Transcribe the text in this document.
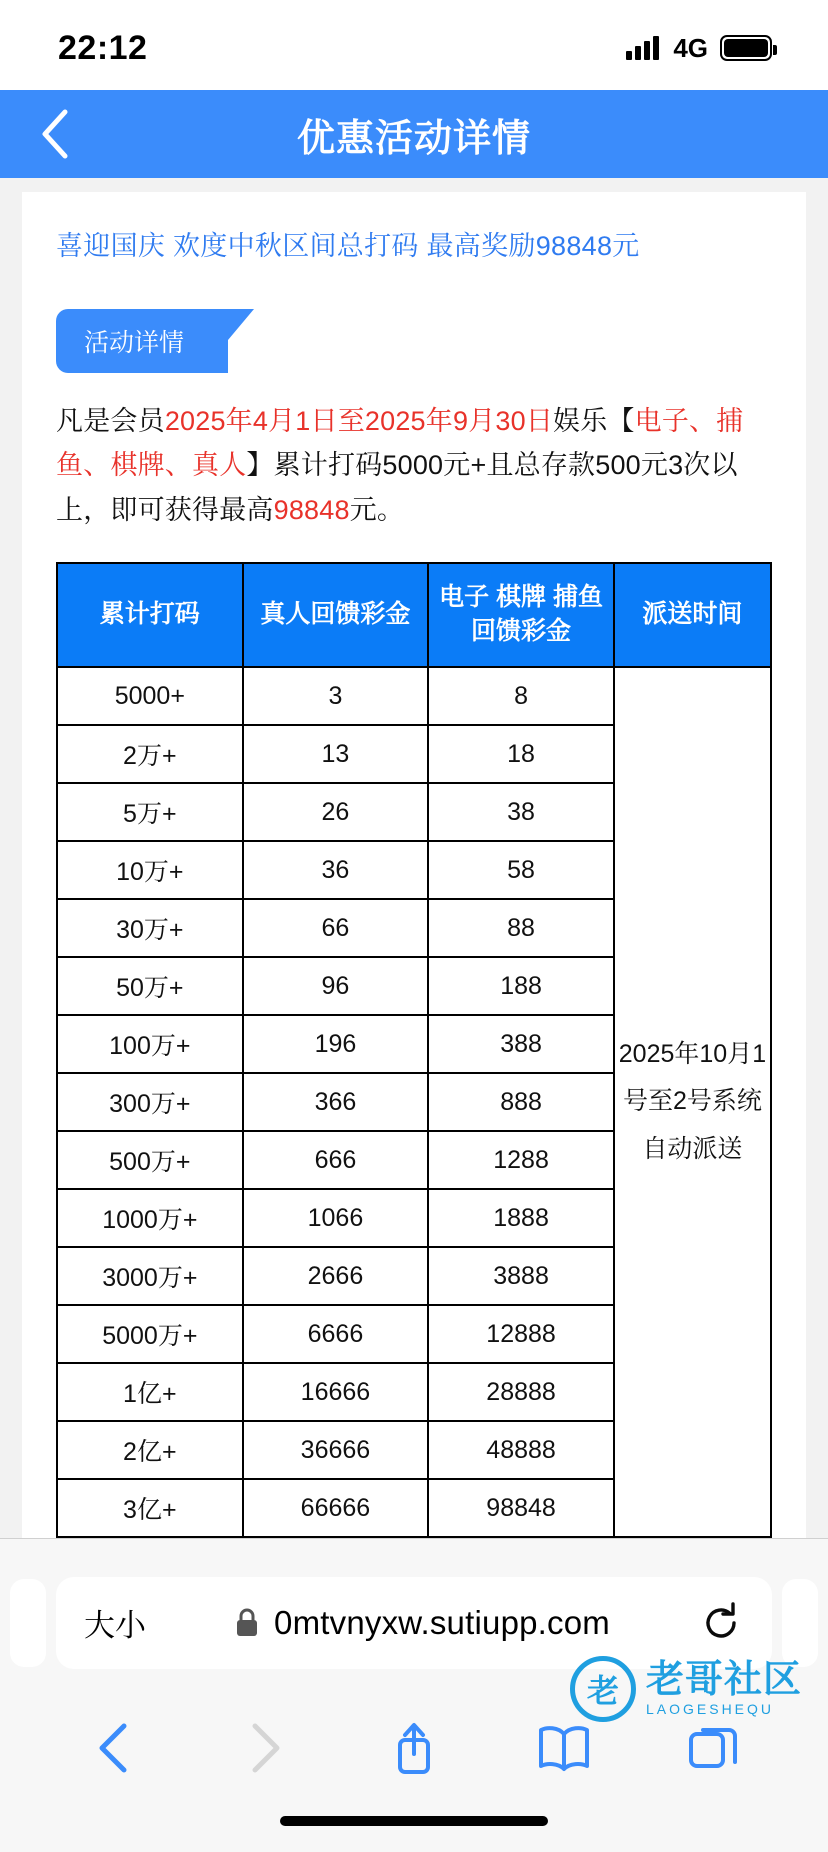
22:12	4G
优惠活动详情
喜迎国庆 欢度中秋区间总打码 最高奖励98848元
活动详情
凡是会员2025年4月1日至2025年9月30日娱乐【电子、捕鱼、棋牌、真人】累计打码5000元+且总存款500元3次以上，即可获得最高98848元。
累计打码	真人回馈彩金	电子 棋牌 捕鱼回馈彩金	派送时间
5000+	3	8	2025年10月1号至2号系统自动派送
2万+	13	18	
5万+	26	38	
10万+	36	58	
30万+	66	88	
50万+	96	188	
100万+	196	388	
300万+	366	888	
500万+	666	1288	
1000万+	1066	1888	
3000万+	2666	3888	
5000万+	6666	12888	
1亿+	16666	28888	
2亿+	36666	48888	
3亿+	66666	98848	
大小	0mtvnyxw.sutiupp.com
老 老哥社区
LAOGESHEQU
